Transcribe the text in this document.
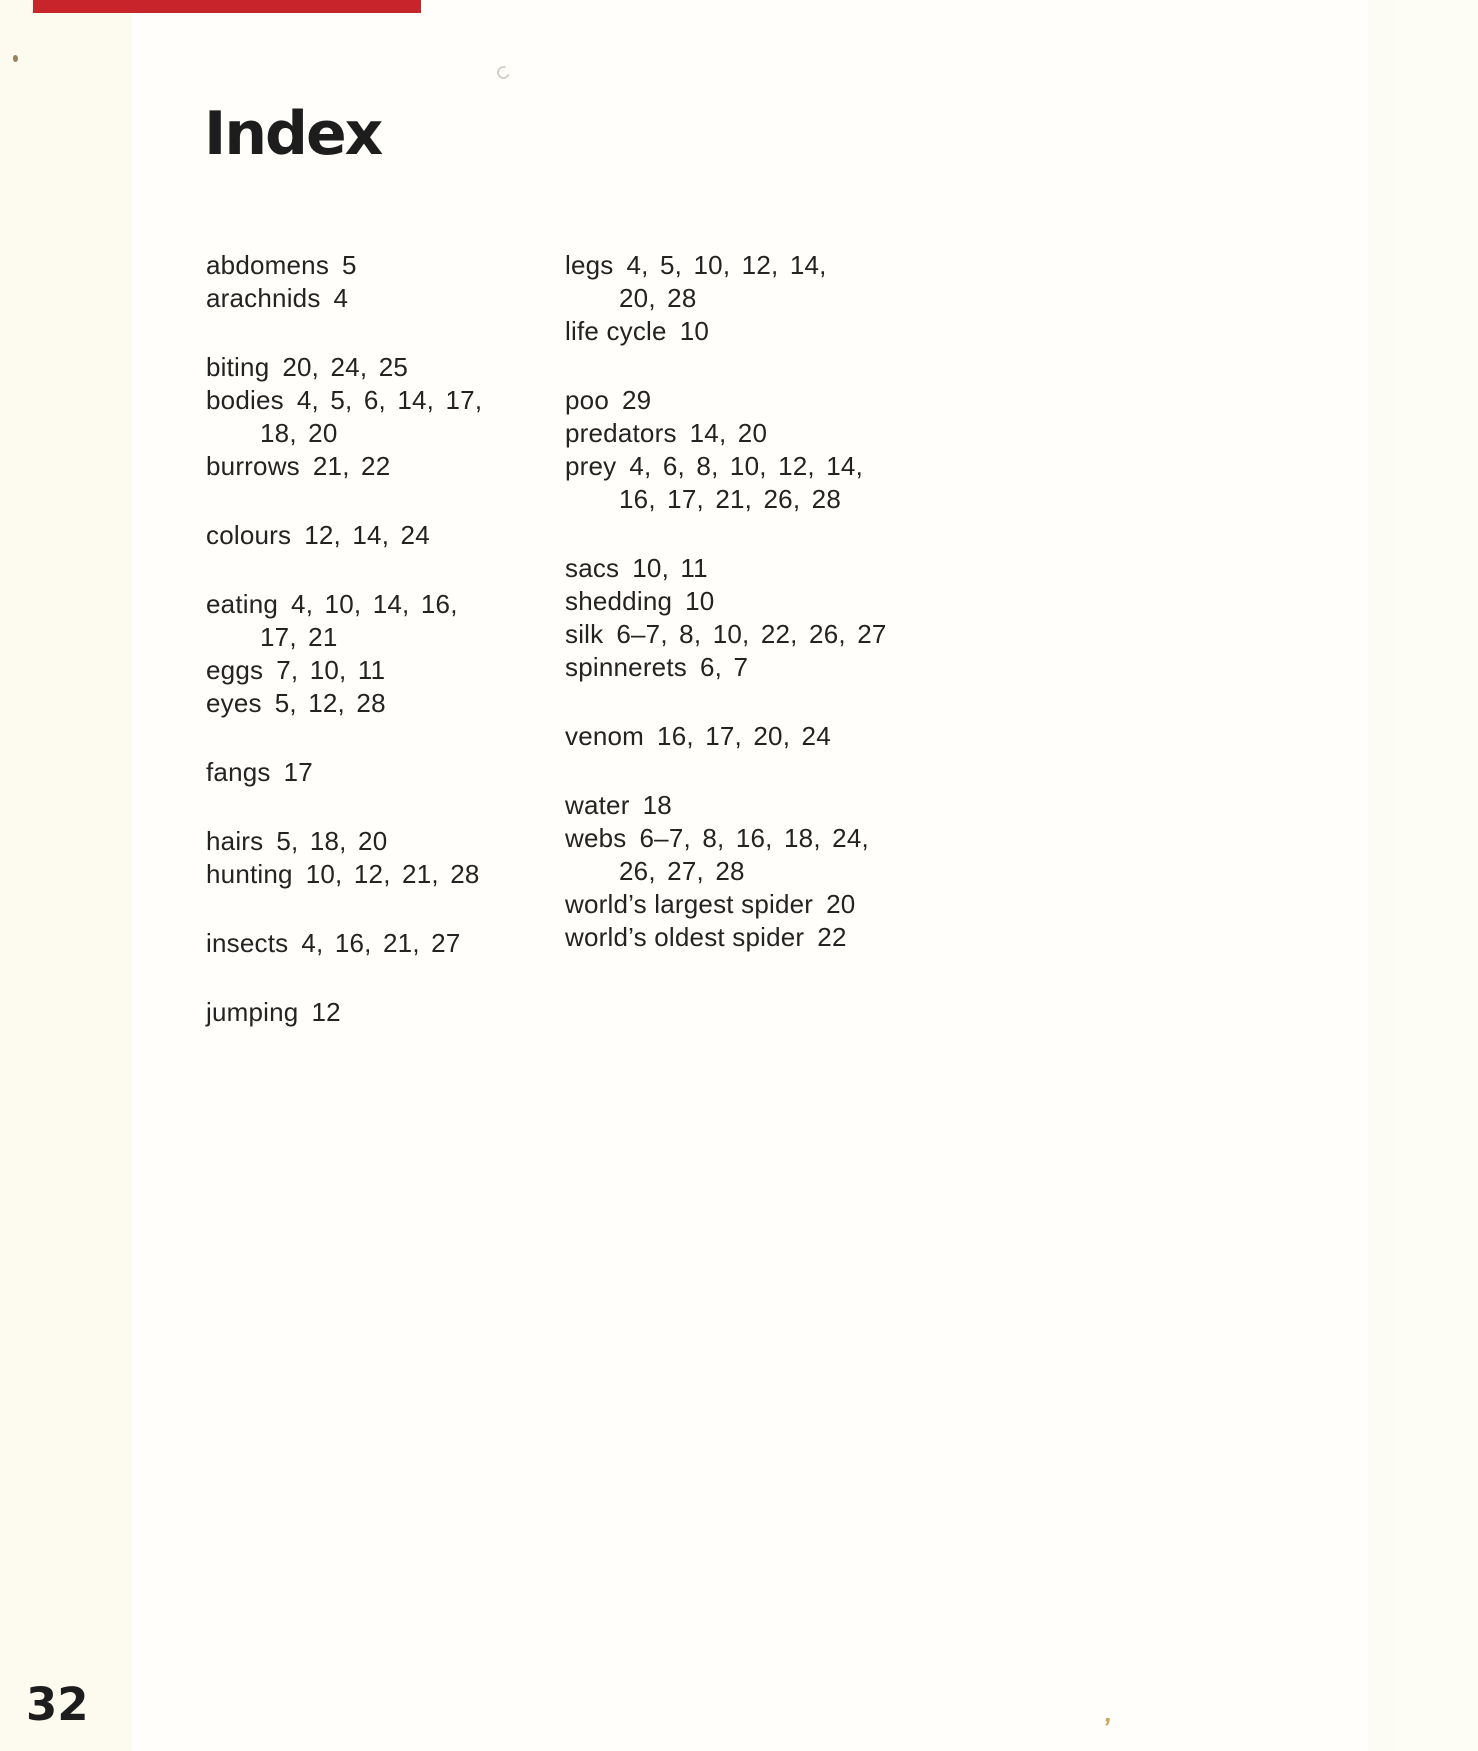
Index
abdomens 5
arachnids 4
biting 20, 24, 25
bodies 4, 5, 6, 14, 17,
18, 20
burrows 21, 22
colours 12, 14, 24
eating 4, 10, 14, 16,
17, 21
eggs 7, 10, 11
eyes 5, 12, 28
fangs 17
hairs 5, 18, 20
hunting 10, 12, 21, 28
insects 4, 16, 21, 27
jumping 12
legs 4, 5, 10, 12, 14,
20, 28
life cycle 10
poo 29
predators 14, 20
prey 4, 6, 8, 10, 12, 14,
16, 17, 21, 26, 28
sacs 10, 11
shedding 10
silk 6–7, 8, 10, 22, 26, 27
spinnerets 6, 7
venom 16, 17, 20, 24
water 18
webs 6–7, 8, 16, 18, 24,
26, 27, 28
world’s largest spider 20
world’s oldest spider 22
32	’
